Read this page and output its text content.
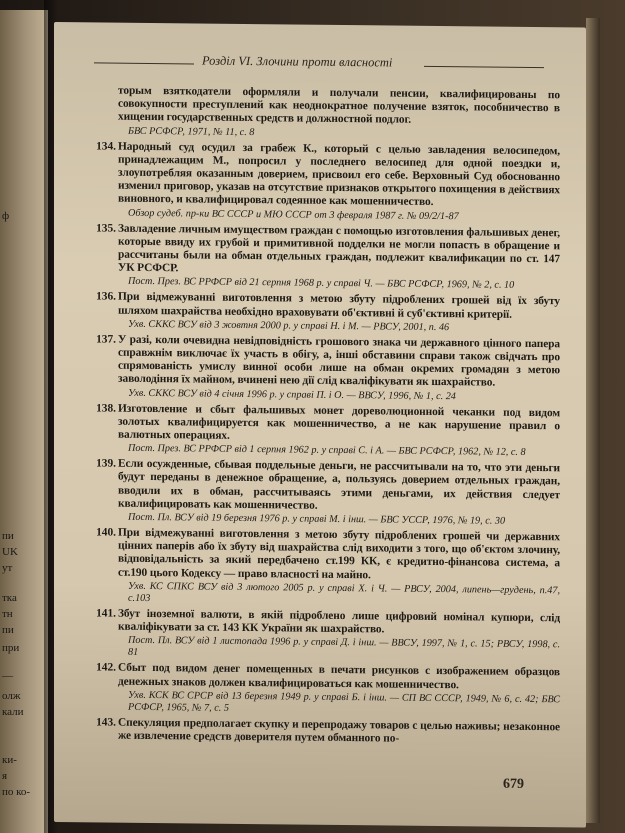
ф
пи
UK
ут
тка
тн
пи
при
—
олж
кали
ки-
я
по ко-
Розділ VI. Злочини проти власності
торым взяткодатели оформляли и получали пенсии, квалифицированы по совокупности преступлений как неоднократное получение взяток, пособничество в хищении государственных средств и должностной подлог.
БВС РСФСР, 1971, № 11, с. 8
134. Народный суд осудил за грабеж К., который с целью завладения велосипедом, принадлежащим М., попросил у последнего велосипед для одной поездки и, злоупотребляя оказанным доверием, присвоил его себе. Верховный Суд обоснованно изменил приговор, указав на отсутствие признаков открытого похищения в действиях виновного, и квалифицировал содеянное как мошенничество.
Обзор судеб. пр-ки ВС СССР и МЮ СССР от 3 февраля 1987 г. № 09/2/1-87
135. Завладение личным имуществом граждан с помощью изготовления фальшивых денег, которые ввиду их грубой и примитивной подделки не могли попасть в обращение и рассчитаны были на обман отдельных граждан, подлежит квалификации по ст. 147 УК РСФСР.
Пост. През. ВС РРФСР від 21 серпня 1968 р. у справі Ч. — БВС РСФСР, 1969, № 2, с. 10
136. При відмежуванні виготовлення з метою збуту підроблених грошей від їх збуту шляхом шахрайства необхідно враховувати об'єктивні й суб'єктивні критерії.
Ухв. СККС ВСУ від 3 жовтня 2000 р. у справі Н. і М. — РВСУ, 2001, п. 46
137. У разі, коли очевидна невідповідність грошового знака чи державного цінного папера справжнім виключає їх участь в обігу, а, інші обставини справи також свідчать про спрямованість умислу винної особи лише на обман окремих громадян з метою заволодіння їх майном, вчинені нею дії слід кваліфікувати як шахрайство.
Ухв. СККС ВСУ від 4 січня 1996 р. у справі П. і О. — ВВСУ, 1996, № 1, с. 24
138. Изготовление и сбыт фальшивых монет дореволюционной чеканки под видом золотых квалифицируется как мошенничество, а не как нарушение правил о валютных операциях.
Пост. През. ВС РРФСР від 1 серпня 1962 р. у справі С. і А. — БВС РСФСР, 1962, № 12, с. 8
139. Если осужденные, сбывая поддельные деньги, не рассчитывали на то, что эти деньги будут переданы в денежное обращение, а, пользуясь доверием отдельных граждан, вводили их в обман, рассчитываясь этими деньгами, их действия следует квалифицировать как мошенничество.
Пост. Пл. ВСУ від 19 березня 1976 р. у справі М. і інш. — БВС УССР, 1976, № 19, с. 30
140. При відмежуванні виготовлення з метою збуту підроблених грошей чи державних цінних паперів або їх збуту від шахрайства слід виходити з того, що об'єктом злочину, відповідальність за який передбачено ст.199 КК, є кредитно-фінансова система, а ст.190 цього Кодексу — право власності на майно.
Ухв. КС СПКС ВСУ від 3 лютого 2005 р. у справі Х. і Ч. — РВСУ, 2004, липень—грудень, п.47, с.103
141. Збут іноземної валюти, в якій підроблено лише цифровий номінал купюри, слід кваліфікувати за ст. 143 КК України як шахрайство.
Пост. Пл. ВСУ від 1 листопада 1996 р. у справі Д. і інш. — ВВСУ, 1997, № 1, с. 15; РВСУ, 1998, с. 81
142. Сбыт под видом денег помещенных в печати рисунков с изображением образцов денежных знаков должен квалифицироваться как мошенничество.
Ухв. КСК ВС СРСР від 13 березня 1949 р. у справі Б. і інш. — СП ВС СССР, 1949, № 6, с. 42; БВС РСФСР, 1965, № 7, с. 5
143. Спекуляция предполагает скупку и перепродажу товаров с целью наживы; незаконное же извлечение средств доверителя путем обманного по-
679
